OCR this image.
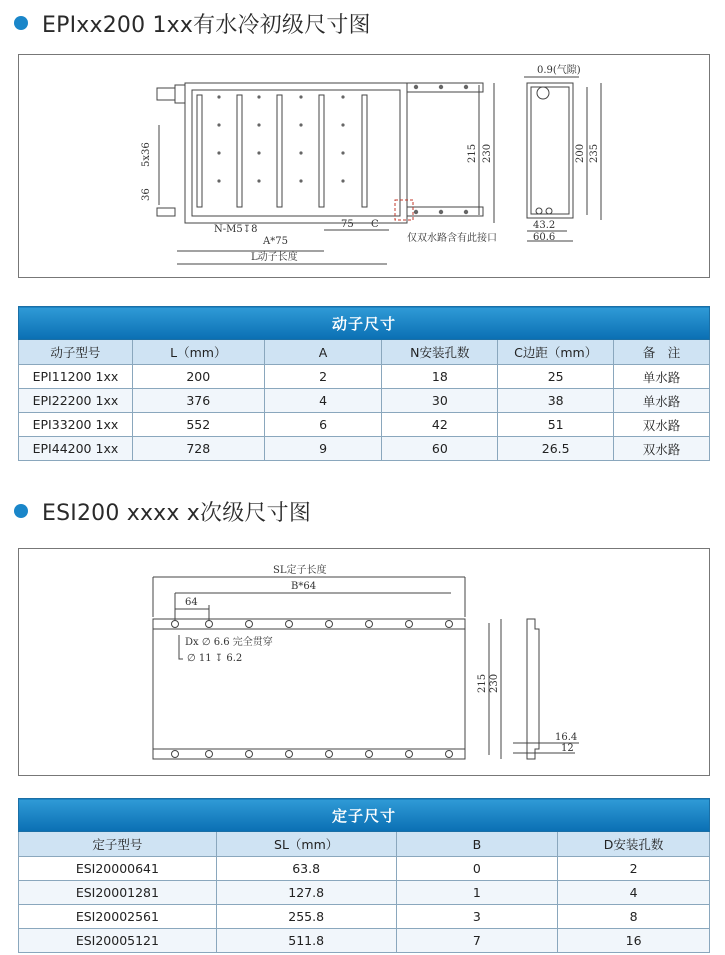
EPIxx200 1xx有水冷初级尺寸图
0.9(气隙)
5x36
36
215 230	200 235
75 C
N-M5↧8
A*75
L动子长度
仅双水路含有此接口
43.2
60.6
动子尺寸					
动子型号	L（mm）	A	N安装孔数	C边距（mm）	备　注
EPI11200 1xx	200	2	18	25	单水路
EPI22200 1xx	376	4	30	38	单水路
EPI33200 1xx	552	6	42	51	双水路
EPI44200 1xx	728	9	60	26.5	双水路
ESI200 xxxx x次级尺寸图
SL定子长度
B*64
64
Dx ∅ 6.6 完全贯穿
∅ 11 ↧ 6.2
215 230
16.4
12
定子尺寸			
定子型号	SL（mm）	B	D安装孔数
ESI20000641	63.8	0	2
ESI20001281	127.8	1	4
ESI20002561	255.8	3	8
ESI20005121	511.8	7	16
